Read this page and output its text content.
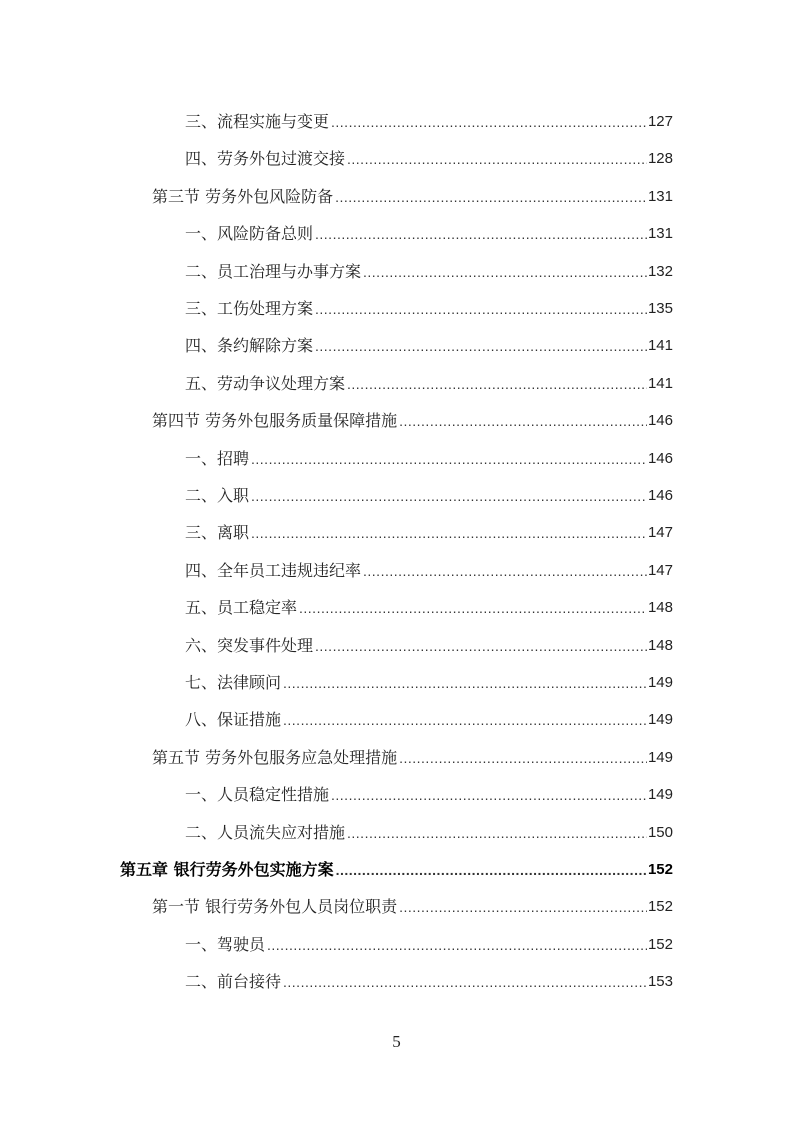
三、流程实施与变更 .....	127
四、劳务外包过渡交接 .....	128
第三节 劳务外包风险防备 .....	131
一、风险防备总则 .....	131
二、员工治理与办事方案 .....	132
三、工伤处理方案 .....	135
四、条约解除方案 .....	141
五、劳动争议处理方案 .....	141
第四节 劳务外包服务质量保障措施 .....	146
一、招聘 .....	146
二、入职 .....	146
三、离职 .....	147
四、全年员工违规违纪率 .....	147
五、员工稳定率 .....	148
六、突发事件处理 .....	148
七、法律顾问 .....	149
八、保证措施 .....	149
第五节 劳务外包服务应急处理措施 .....	149
一、人员稳定性措施 .....	149
二、人员流失应对措施 .....	150
第五章 银行劳务外包实施方案 .....	152
第一节 银行劳务外包人员岗位职责 .....	152
一、驾驶员 .....	152
二、前台接待 .....	153
5
